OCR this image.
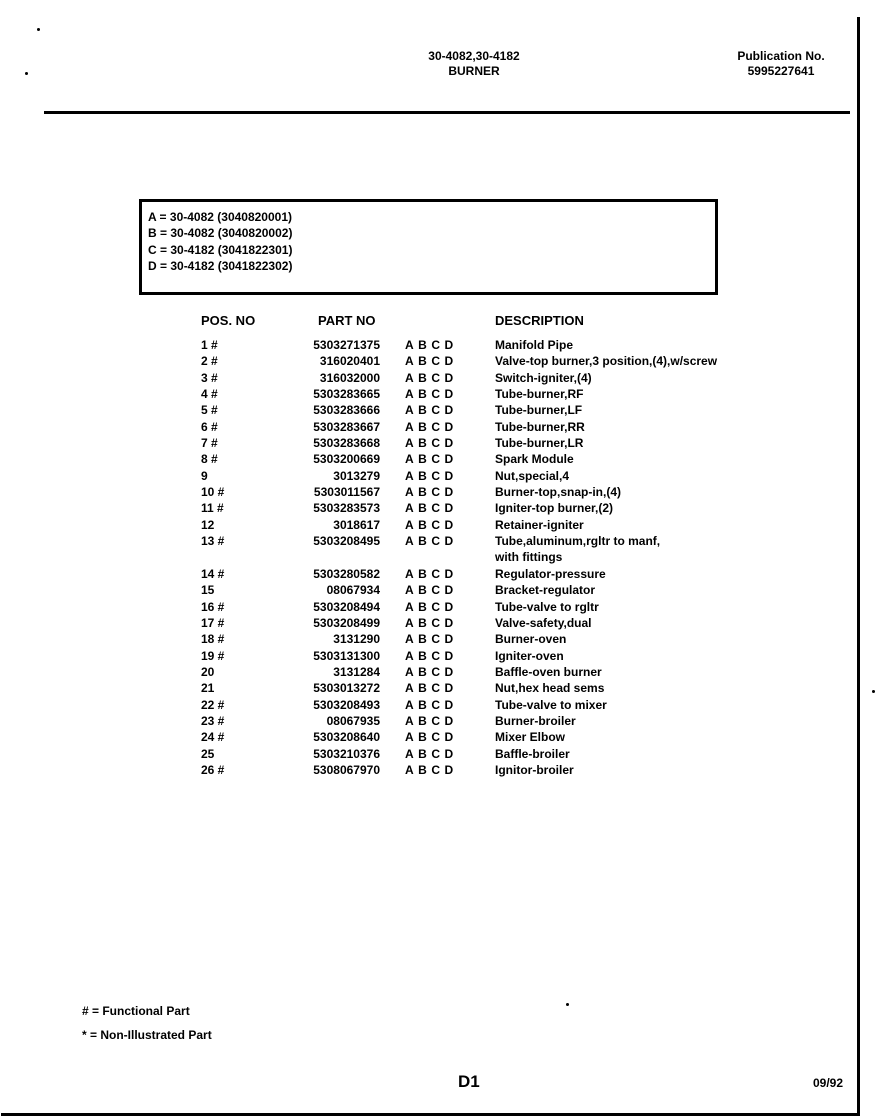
30-4082,30-4182
BURNER
Publication No.
5995227641
A = 30-4082 (3040820001)
B = 30-4082 (3040820002)
C = 30-4182 (3041822301)
D = 30-4182 (3041822302)
POS. NO	PART NO	DESCRIPTION
1 #	5303271375 ABCD	Manifold Pipe
2 #	316020401 ABCD	Valve-top burner,3 position,(4),w/screw
3 #	316032000 ABCD	Switch-igniter,(4)
4 #	5303283665 ABCD	Tube-burner,RF
5 #	5303283666 ABCD	Tube-burner,LF
6 #	5303283667 ABCD	Tube-burner,RR
7 #	5303283668 ABCD	Tube-burner,LR
8 #	5303200669 ABCD	Spark Module
9	3013279 ABCD	Nut,special,4
10 #	5303011567 ABCD	Burner-top,snap-in,(4)
11 #	5303283573 ABCD	Igniter-top burner,(2)
12	3018617 ABCD	Retainer-igniter
13 #	5303208495 ABCD	Tube,aluminum,rgltr to manf,
with fittings
14 #	5303280582 ABCD	Regulator-pressure
15	08067934 ABCD	Bracket-regulator
16 #	5303208494 ABCD	Tube-valve to rgltr
17 #	5303208499 ABCD	Valve-safety,dual
18 #	3131290 ABCD	Burner-oven
19 #	5303131300 ABCD	Igniter-oven
20	3131284 ABCD	Baffle-oven burner
21	5303013272 ABCD	Nut,hex head sems
22 #	5303208493 ABCD	Tube-valve to mixer
23 #	08067935 ABCD	Burner-broiler
24 #	5303208640 ABCD	Mixer Elbow
25	5303210376 ABCD	Baffle-broiler
26 #	5308067970 ABCD	Ignitor-broiler
# = Functional Part
* = Non-Illustrated Part
D1	09/92
